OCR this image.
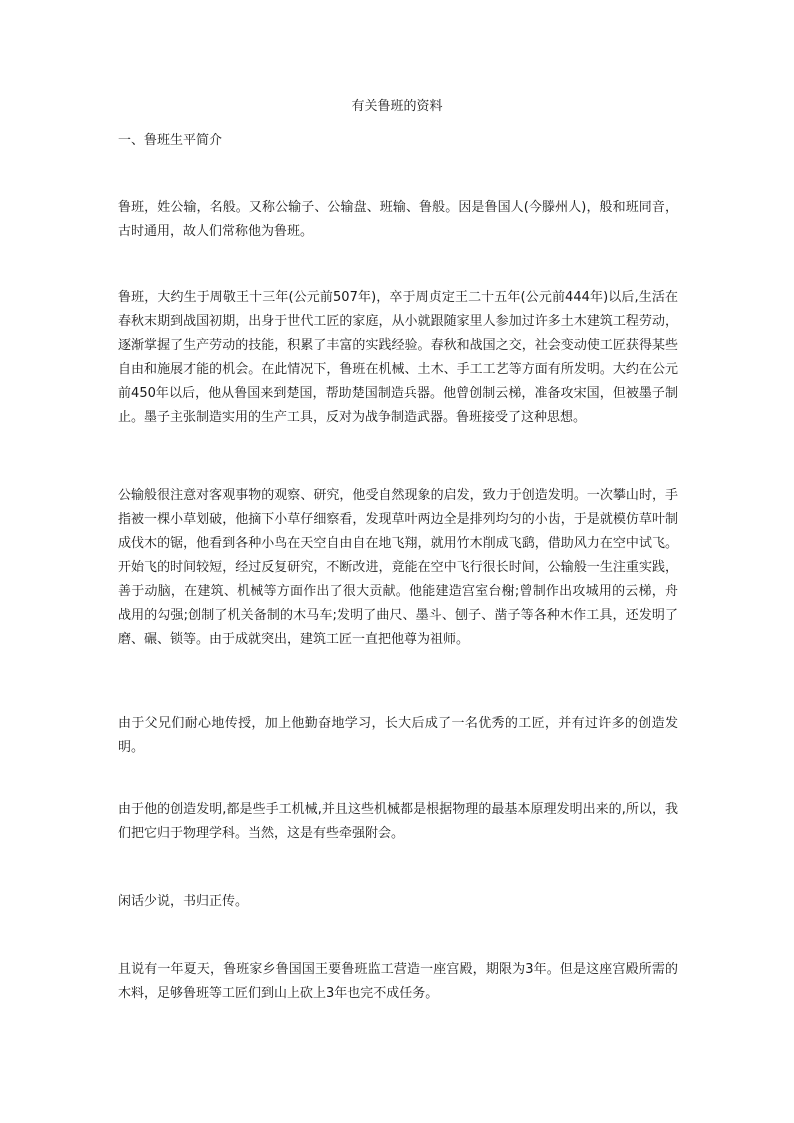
有关鲁班的资料
一、鲁班生平简介

鲁班，姓公输，名般。又称公输子、公输盘、班输、鲁般。因是鲁国人(今滕州人)，般和班同音，古时通用，故人们常称他为鲁班。

鲁班，大约生于周敬王十三年(公元前507年)，卒于周贞定王二十五年(公元前444年)以后,生活在春秋末期到战国初期，出身于世代工匠的家庭，从小就跟随家里人参加过许多土木建筑工程劳动，逐渐掌握了生产劳动的技能，积累了丰富的实践经验。春秋和战国之交，社会变动使工匠获得某些自由和施展才能的机会。在此情况下，鲁班在机械、土木、手工工艺等方面有所发明。大约在公元前450年以后，他从鲁国来到楚国，帮助楚国制造兵器。他曾创制云梯，准备攻宋国，但被墨子制止。墨子主张制造实用的生产工具，反对为战争制造武器。鲁班接受了这种思想。

公输般很注意对客观事物的观察、研究，他受自然现象的启发，致力于创造发明。一次攀山时，手指被一棵小草划破，他摘下小草仔细察看，发现草叶两边全是排列均匀的小齿，于是就模仿草叶制成伐木的锯，他看到各种小鸟在天空自由自在地飞翔，就用竹木削成飞鹞，借助风力在空中试飞。开始飞的时间较短，经过反复研究，不断改进，竟能在空中飞行很长时间，公输般一生注重实践，善于动脑，在建筑、机械等方面作出了很大贡献。他能建造宫室台榭;曾制作出攻城用的云梯，舟战用的勾强;创制了机关备制的木马车;发明了曲尺、墨斗、刨子、凿子等各种木作工具，还发明了磨、碾、锁等。由于成就突出，建筑工匠一直把他尊为祖师。

由于父兄们耐心地传授，加上他勤奋地学习，长大后成了一名优秀的工匠，并有过许多的创造发明。

由于他的创造发明,都是些手工机械,并且这些机械都是根据物理的最基本原理发明出来的,所以，我们把它归于物理学科。当然，这是有些牵强附会。

闲话少说，书归正传。

且说有一年夏天，鲁班家乡鲁国国王要鲁班监工营造一座宫殿，期限为3年。但是这座宫殿所需的木料，足够鲁班等工匠们到山上砍上3年也完不成任务。
